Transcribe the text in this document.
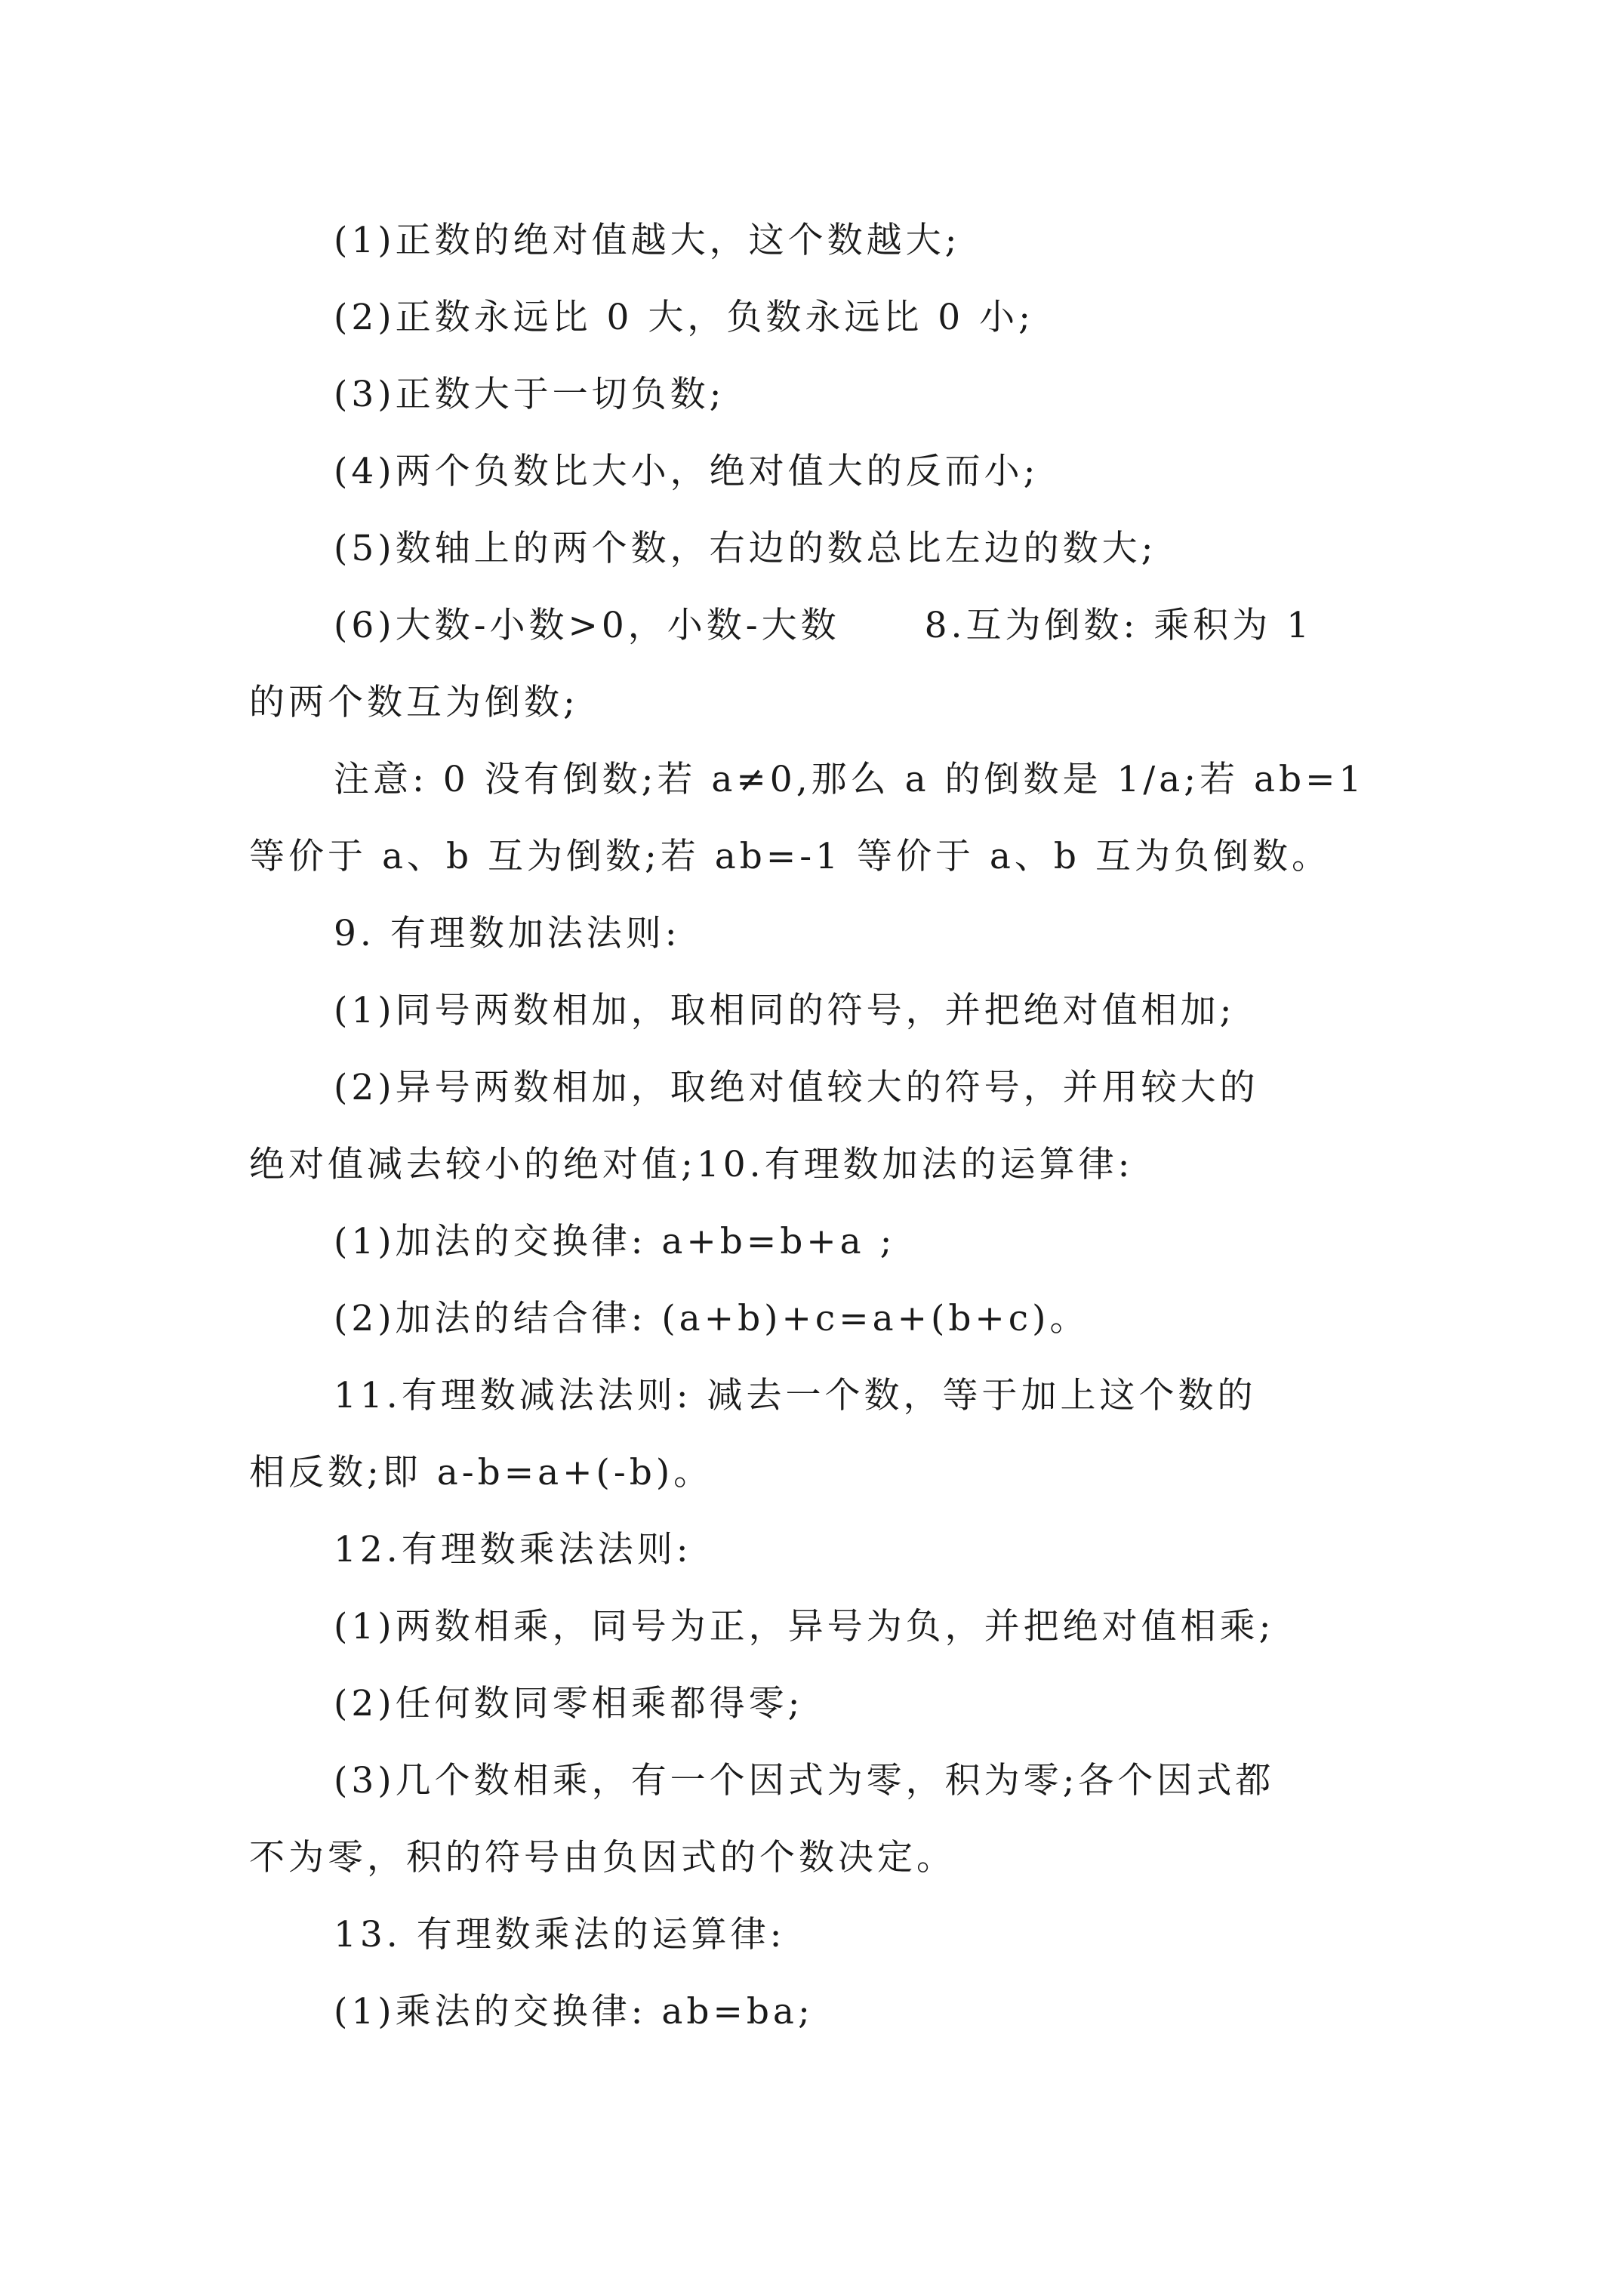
(1)正数的绝对值越大，这个数越大;
(2)正数永远比 0 大，负数永远比 0 小;
(3)正数大于一切负数;
(4)两个负数比大小，绝对值大的反而小;
(5)数轴上的两个数，右边的数总比左边的数大;
(6)大数-小数>0，小数-大数 8.互为倒数: 乘积为 1
的两个数互为倒数;
注意: 0 没有倒数;若 a≠0,那么 a 的倒数是 1/a;若 ab=1
等价于 a、b 互为倒数;若 ab=-1 等价于 a、b 互为负倒数。
9. 有理数加法法则:
(1)同号两数相加，取相同的符号，并把绝对值相加;
(2)异号两数相加，取绝对值较大的符号，并用较大的
绝对值减去较小的绝对值;10.有理数加法的运算律:
(1)加法的交换律: a+b=b+a ;
(2)加法的结合律: (a+b)+c=a+(b+c)。
11.有理数减法法则: 减去一个数，等于加上这个数的
相反数;即 a-b=a+(-b)。
12.有理数乘法法则:
(1)两数相乘，同号为正，异号为负，并把绝对值相乘;
(2)任何数同零相乘都得零;
(3)几个数相乘，有一个因式为零，积为零;各个因式都
不为零，积的符号由负因式的个数决定。
13. 有理数乘法的运算律:
(1)乘法的交换律: ab=ba;
